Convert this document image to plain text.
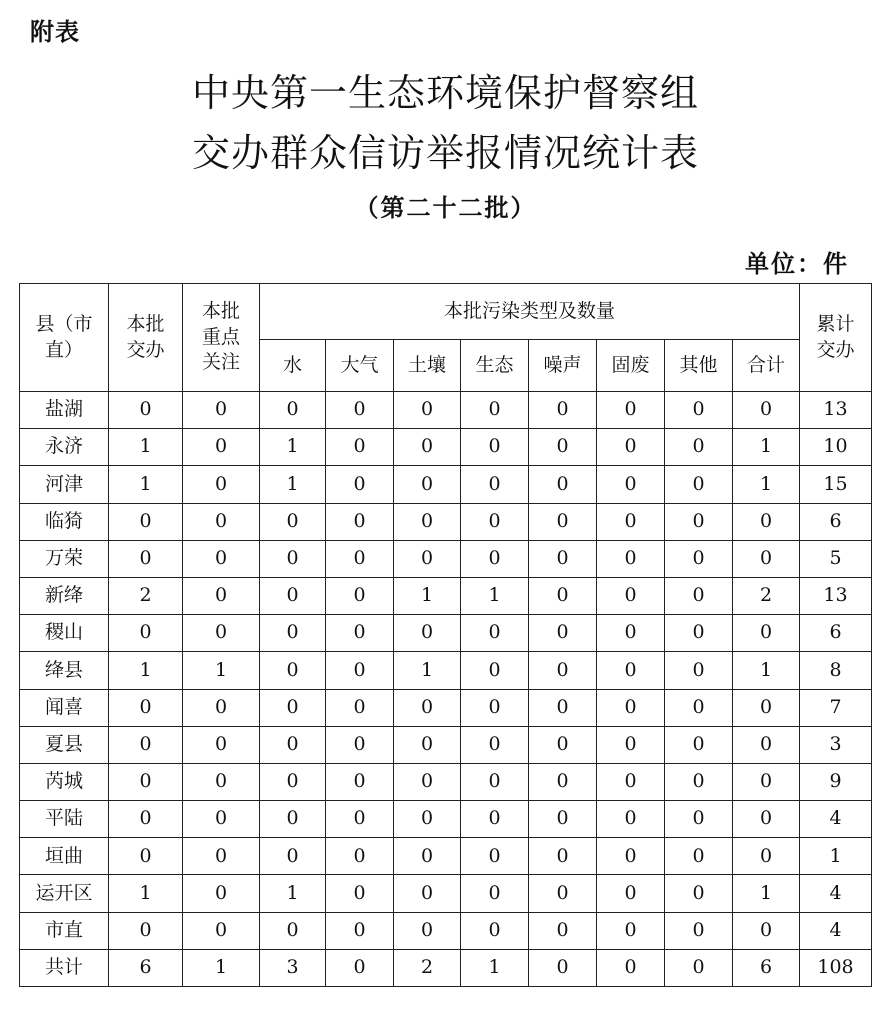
附表
中央第一生态环境保护督察组
交办群众信访举报情况统计表
（第二十二批）
单位：件
县（市直）	本批交办	本批重点关注	本批污染类型及数量								累计交办
			水	大气	土壤	生态	噪声	固废	其他	合计	
盐湖	0	0	0	0	0	0	0	0	0	0	13
永济	1	0	1	0	0	0	0	0	0	1	10
河津	1	0	1	0	0	0	0	0	0	1	15
临猗	0	0	0	0	0	0	0	0	0	0	6
万荣	0	0	0	0	0	0	0	0	0	0	5
新绛	2	0	0	0	1	1	0	0	0	2	13
稷山	0	0	0	0	0	0	0	0	0	0	6
绛县	1	1	0	0	1	0	0	0	0	1	8
闻喜	0	0	0	0	0	0	0	0	0	0	7
夏县	0	0	0	0	0	0	0	0	0	0	3
芮城	0	0	0	0	0	0	0	0	0	0	9
平陆	0	0	0	0	0	0	0	0	0	0	4
垣曲	0	0	0	0	0	0	0	0	0	0	1
运开区	1	0	1	0	0	0	0	0	0	1	4
市直	0	0	0	0	0	0	0	0	0	0	4
共计	6	1	3	0	2	1	0	0	0	6	108
